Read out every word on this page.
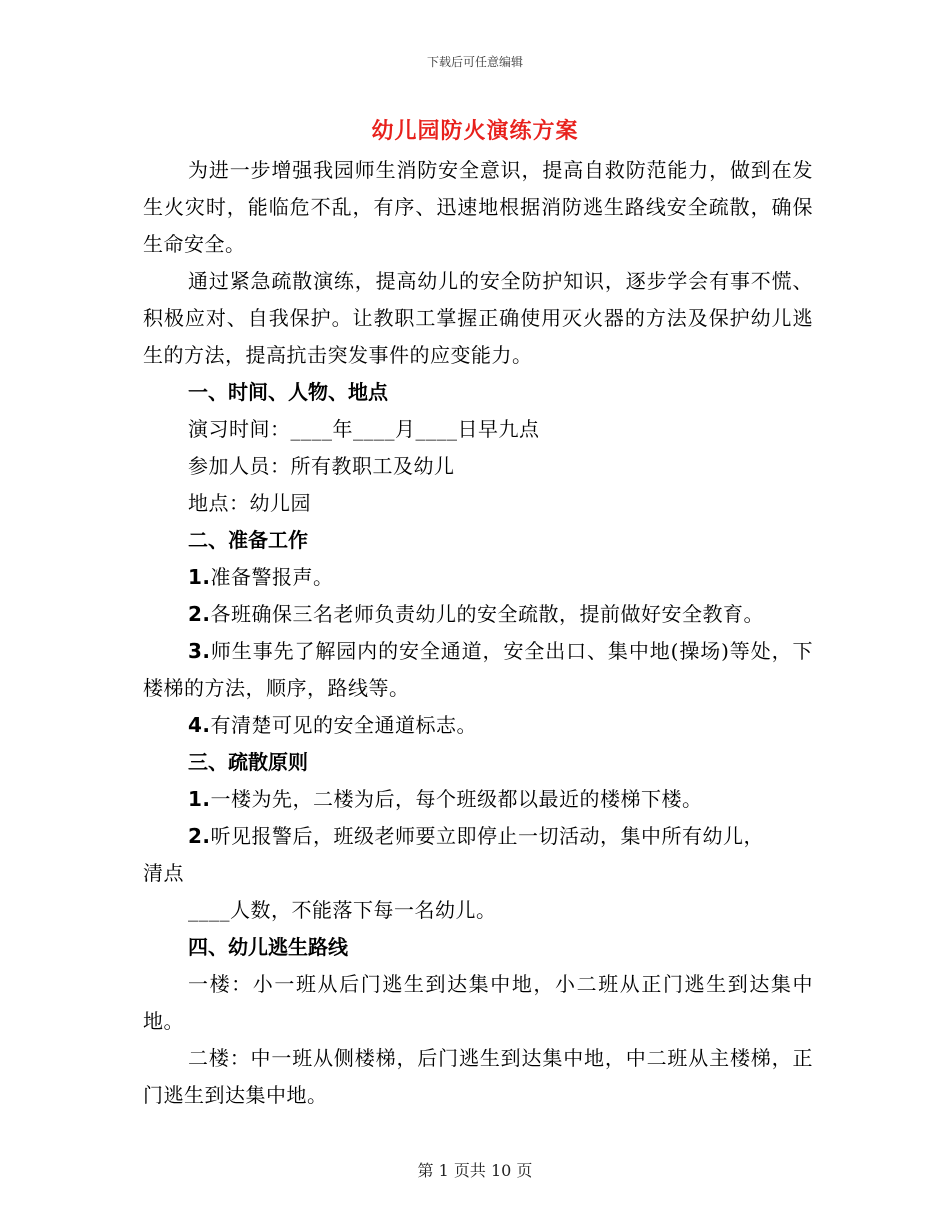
下载后可任意编辑
幼儿园防火演练方案

为进一步增强我园师生消防安全意识，提高自救防范能力，做到在发生火灾时，能临危不乱，有序、迅速地根据消防逃生路线安全疏散，确保生命安全。

通过紧急疏散演练，提高幼儿的安全防护知识，逐步学会有事不慌、积极应对、自我保护。让教职工掌握正确使用灭火器的方法及保护幼儿逃生的方法，提高抗击突发事件的应变能力。

一、时间、人物、地点

演习时间：____年____月____日早九点

参加人员：所有教职工及幼儿

地点：幼儿园

二、准备工作

1.准备警报声。

2.各班确保三名老师负责幼儿的安全疏散，提前做好安全教育。

3.师生事先了解园内的安全通道，安全出口、集中地(操场)等处，下楼梯的方法，顺序，路线等。

4.有清楚可见的安全通道标志。

三、疏散原则

1.一楼为先，二楼为后，每个班级都以最近的楼梯下楼。

2.听见报警后，班级老师要立即停止一切活动，集中所有幼儿，

清点

____人数，不能落下每一名幼儿。

四、幼儿逃生路线

一楼：小一班从后门逃生到达集中地，小二班从正门逃生到达集中地。

二楼：中一班从侧楼梯，后门逃生到达集中地，中二班从主楼梯，正门逃生到达集中地。

第 1 页共 10 页
